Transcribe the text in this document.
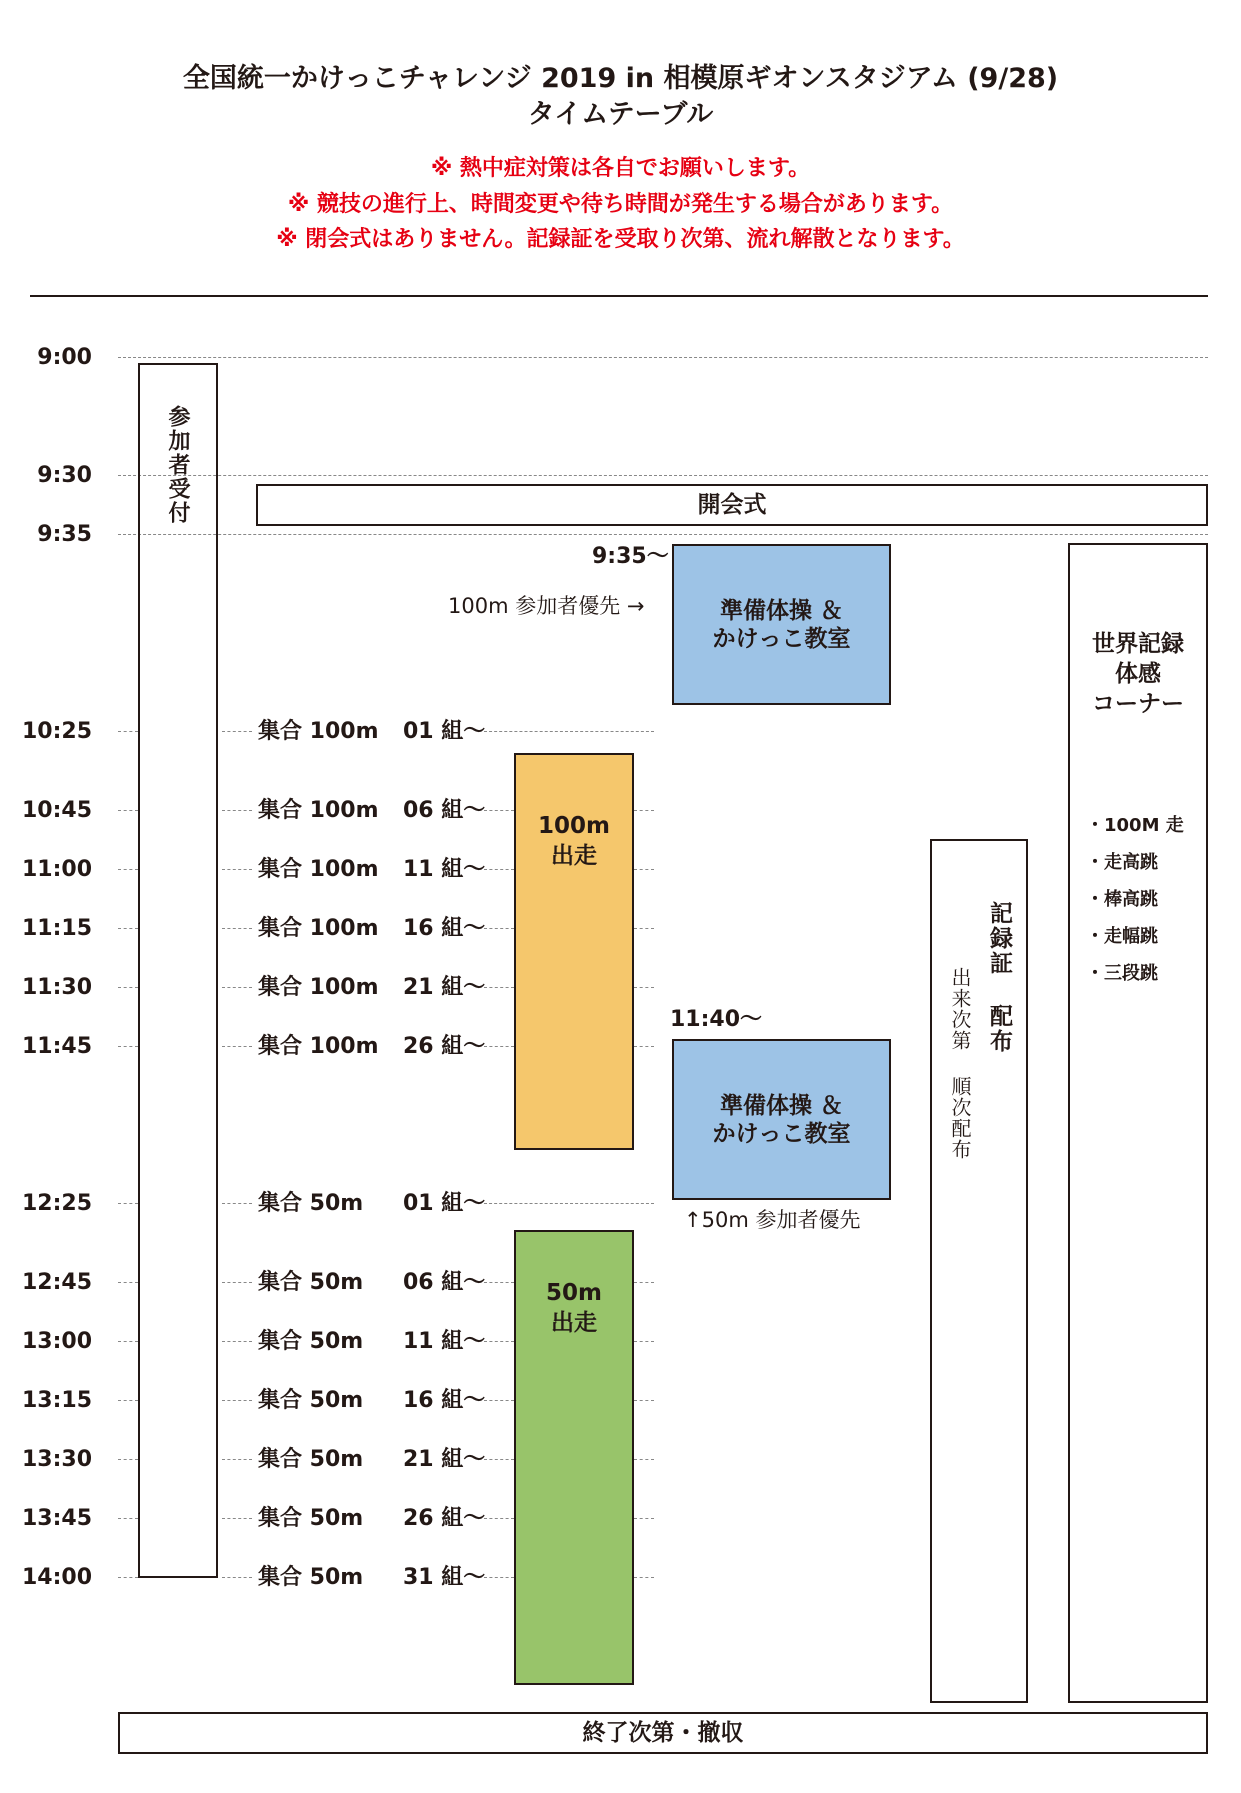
全国統一かけっこチャレンジ 2019 in 相模原ギオンスタジアム (9/28)
タイムテーブル
※ 熱中症対策は各自でお願いします。
※ 競技の進行上、時間変更や待ち時間が発生する場合があります。
※ 閉会式はありません。記録証を受取り次第、流れ解散となります。
9:00
9:30
9:35
10:25
10:45
11:00
11:15
11:30
11:45
12:25
12:45
13:00
13:15
13:30
13:45
14:00
参加者受付	開会式
9:35〜
100m 参加者優先 →	準備体操 ＆
かけっこ教室
11:40〜
準備体操 ＆
かけっこ教室
↑50m 参加者優先
100m
出走
50m
出走
集合 100m 01 組〜
集合 100m 06 組〜
集合 100m 11 組〜
集合 100m 16 組〜
集合 100m 21 組〜
集合 100m 26 組〜
集合 50m 01 組〜
集合 50m 06 組〜
集合 50m 11 組〜
集合 50m 16 組〜
集合 50m 21 組〜
集合 50m 26 組〜
集合 50m 31 組〜
記録証 配布
出来次第 順次配布
世界記録
体感
コーナー
・100M 走
・走高跳
・棒高跳
・走幅跳
・三段跳
終了次第・撤収
